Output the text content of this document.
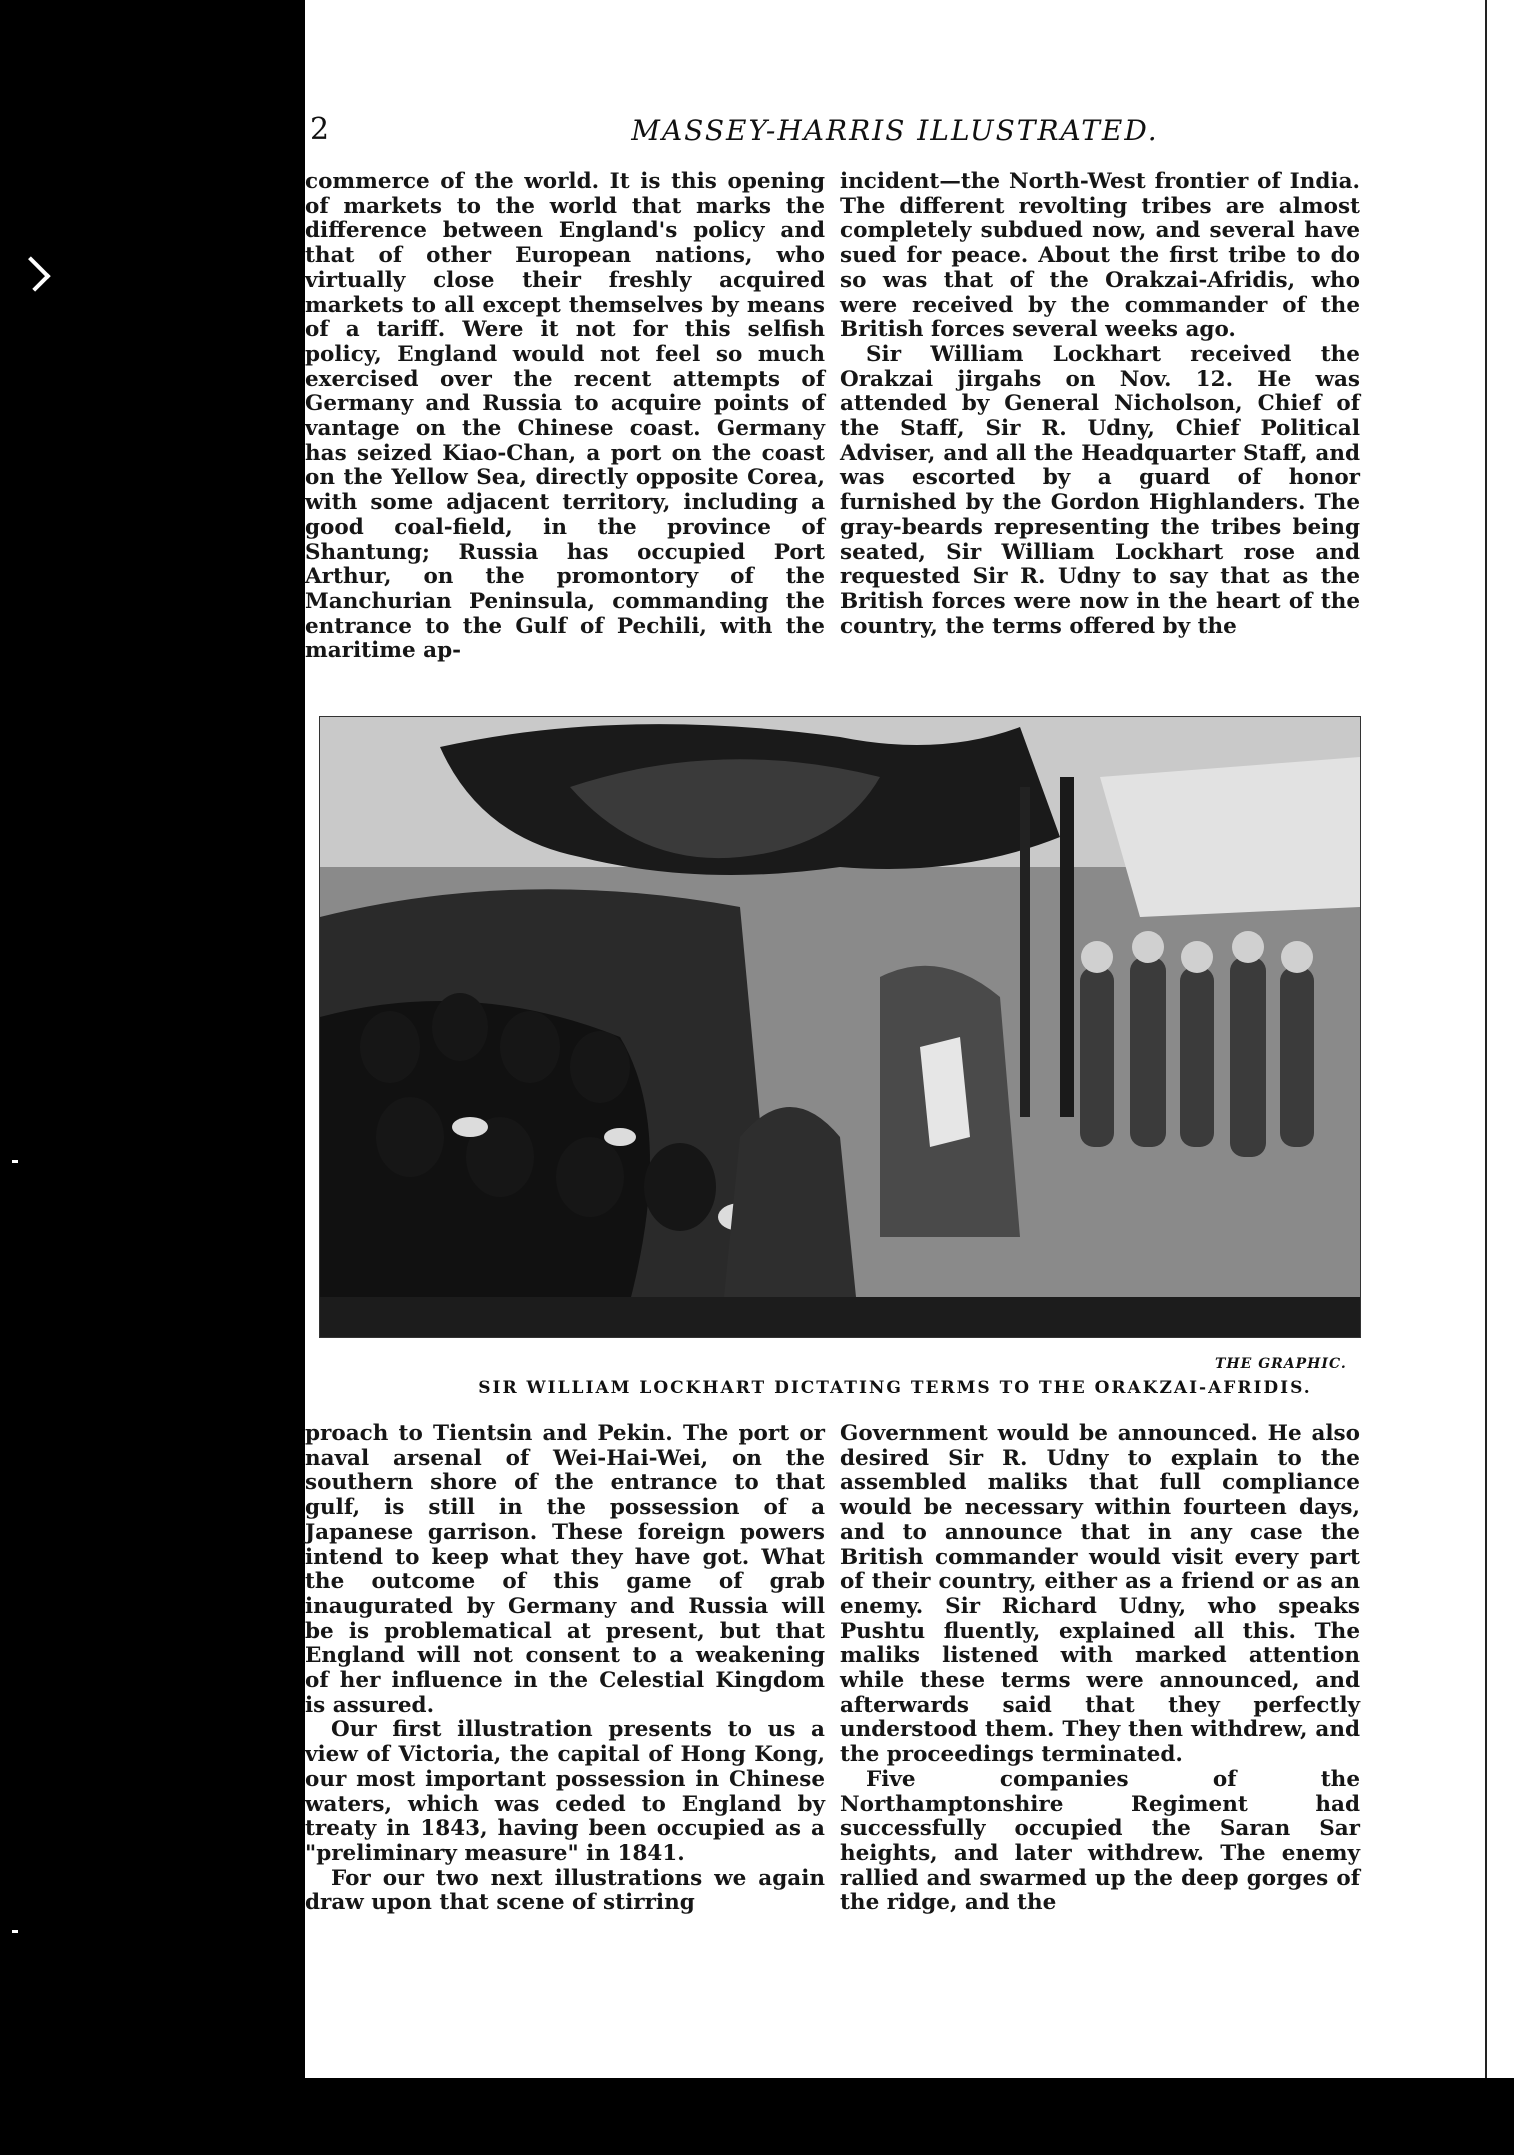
2	MASSEY-HARRIS ILLUSTRATED.

commerce of the world. It is this opening of markets to the world that marks the difference between England's policy and that of other European nations, who virtually close their freshly acquired markets to all except themselves by means of a tariff. Were it not for this selfish policy, England would not feel so much exercised over the recent attempts of Germany and Russia to acquire points of vantage on the Chinese coast. Germany has seized Kiao-Chan, a port on the coast on the Yellow Sea, directly opposite Corea, with some adjacent territory, including a good coal-field, in the province of Shantung; Russia has occupied Port Arthur, on the promontory of the Manchurian Peninsula, commanding the entrance to the Gulf of Pechili, with the maritime ap-

incident—the North-West frontier of India. The different revolting tribes are almost completely subdued now, and several have sued for peace. About the first tribe to do so was that of the Orakzai-Afridis, who were received by the commander of the British forces several weeks ago.

Sir William Lockhart received the Orakzai jirgahs on Nov. 12. He was attended by General Nicholson, Chief of the Staff, Sir R. Udny, Chief Political Adviser, and all the Headquarter Staff, and was escorted by a guard of honor furnished by the Gordon Highlanders. The gray-beards representing the tribes being seated, Sir William Lockhart rose and requested Sir R. Udny to say that as the British forces were now in the heart of the country, the terms offered by the

THE GRAPHIC.
SIR WILLIAM LOCKHART DICTATING TERMS TO THE ORAKZAI-AFRIDIS.

proach to Tientsin and Pekin. The port or naval arsenal of Wei-Hai-Wei, on the southern shore of the entrance to that gulf, is still in the possession of a Japanese garrison. These foreign powers intend to keep what they have got. What the outcome of this game of grab inaugurated by Germany and Russia will be is problematical at present, but that England will not consent to a weakening of her influence in the Celestial Kingdom is assured.

Our first illustration presents to us a view of Victoria, the capital of Hong Kong, our most important possession in Chinese waters, which was ceded to England by treaty in 1843, having been occupied as a "preliminary measure" in 1841.

For our two next illustrations we again draw upon that scene of stirring

Government would be announced. He also desired Sir R. Udny to explain to the assembled maliks that full compliance would be necessary within fourteen days, and to announce that in any case the British commander would visit every part of their country, either as a friend or as an enemy. Sir Richard Udny, who speaks Pushtu fluently, explained all this. The maliks listened with marked attention while these terms were announced, and afterwards said that they perfectly understood them. They then withdrew, and the proceedings terminated.

Five companies of the Northamptonshire Regiment had successfully occupied the Saran Sar heights, and later withdrew. The enemy rallied and swarmed up the deep gorges of the ridge, and the
